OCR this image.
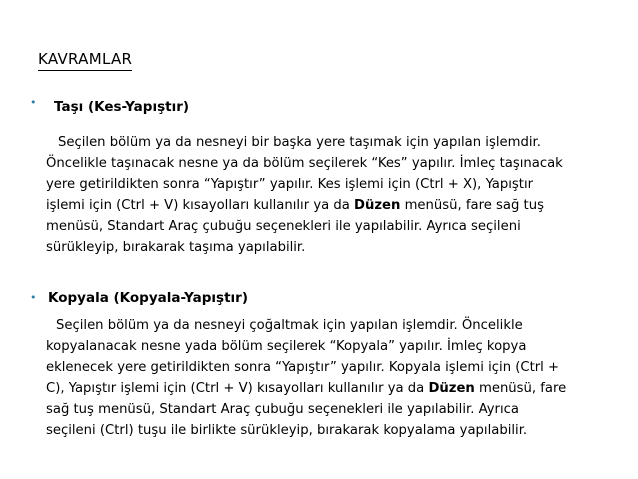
KAVRAMLAR
• Taşı (Kes-Yapıştır)
Seçilen bölüm ya da nesneyi bir başka yere taşımak için yapılan işlemdir.
Öncelikle taşınacak nesne ya da bölüm seçilerek “Kes” yapılır. İmleç taşınacak
yere getirildikten sonra “Yapıştır” yapılır. Kes işlemi için (Ctrl + X), Yapıştır
işlemi için (Ctrl + V) kısayolları kullanılır ya da Düzen menüsü, fare sağ tuş
menüsü, Standart Araç çubuğu seçenekleri ile yapılabilir. Ayrıca seçileni
sürükleyip, bırakarak taşıma yapılabilir.
• Kopyala (Kopyala-Yapıştır)
Seçilen bölüm ya da nesneyi çoğaltmak için yapılan işlemdir. Öncelikle
kopyalanacak nesne yada bölüm seçilerek “Kopyala” yapılır. İmleç kopya
eklenecek yere getirildikten sonra “Yapıştır” yapılır. Kopyala işlemi için (Ctrl +
C), Yapıştır işlemi için (Ctrl + V) kısayolları kullanılır ya da Düzen menüsü, fare
sağ tuş menüsü, Standart Araç çubuğu seçenekleri ile yapılabilir. Ayrıca
seçileni (Ctrl) tuşu ile birlikte sürükleyip, bırakarak kopyalama yapılabilir.
